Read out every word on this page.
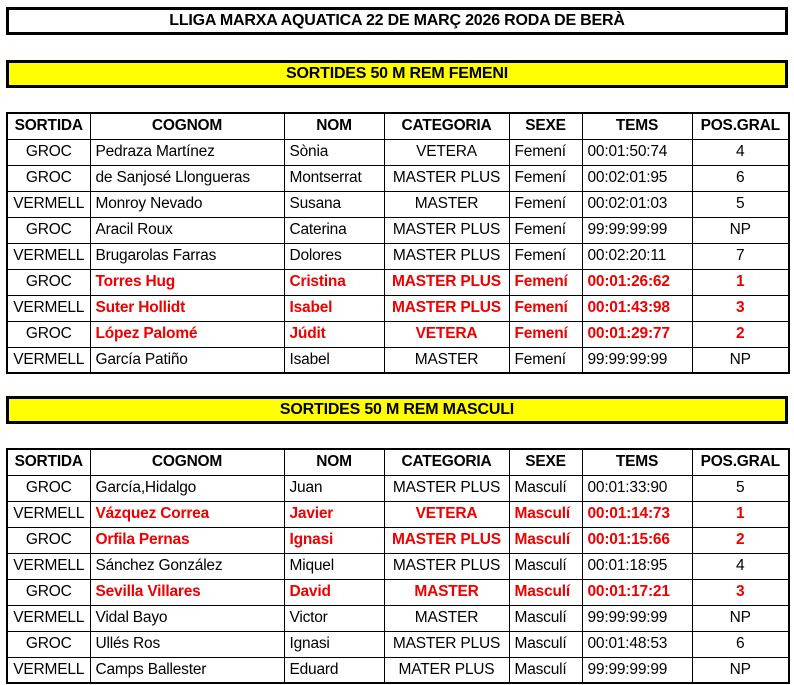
LLIGA MARXA AQUATICA 22 DE MARÇ 2026 RODA DE BERÀ
SORTIDES 50 M REM FEMENI
SORTIDA	COGNOM	NOM	CATEGORIA	SEXE	TEMS	POS.GRAL
GROC	Pedraza Martínez	Sònia	VETERA	Femení	00:01:50:74	4
GROC	de Sanjosé Llongueras	Montserrat	MASTER PLUS	Femení	00:02:01:95	6
VERMELL	Monroy Nevado	Susana	MASTER	Femení	00:02:01:03	5
GROC	Aracil Roux	Caterina	MASTER PLUS	Femení	99:99:99:99	NP
VERMELL	Brugarolas Farras	Dolores	MASTER PLUS	Femení	00:02:20:11	7
GROC	Torres Hug	Cristina	MASTER PLUS	Femení	00:01:26:62	1
VERMELL	Suter Hollidt	Isabel	MASTER PLUS	Femení	00:01:43:98	3
GROC	López Palomé	Júdit	VETERA	Femení	00:01:29:77	2
VERMELL	García Patiño	Isabel	MASTER	Femení	99:99:99:99	NP
SORTIDES 50 M REM MASCULI
SORTIDA	COGNOM	NOM	CATEGORIA	SEXE	TEMS	POS.GRAL
GROC	García,Hidalgo	Juan	MASTER PLUS	Masculí	00:01:33:90	5
VERMELL	Vázquez Correa	Javier	VETERA	Masculí	00:01:14:73	1
GROC	Orfila Pernas	Ignasi	MASTER PLUS	Masculí	00:01:15:66	2
VERMELL	Sánchez González	Miquel	MASTER PLUS	Masculí	00:01:18:95	4
GROC	Sevilla Villares	David	MASTER	Masculí	00:01:17:21	3
VERMELL	Vidal Bayo	Victor	MASTER	Masculí	99:99:99:99	NP
GROC	Ullés Ros	Ignasi	MASTER PLUS	Masculí	00:01:48:53	6
VERMELL	Camps Ballester	Eduard	MATER PLUS	Masculí	99:99:99:99	NP
